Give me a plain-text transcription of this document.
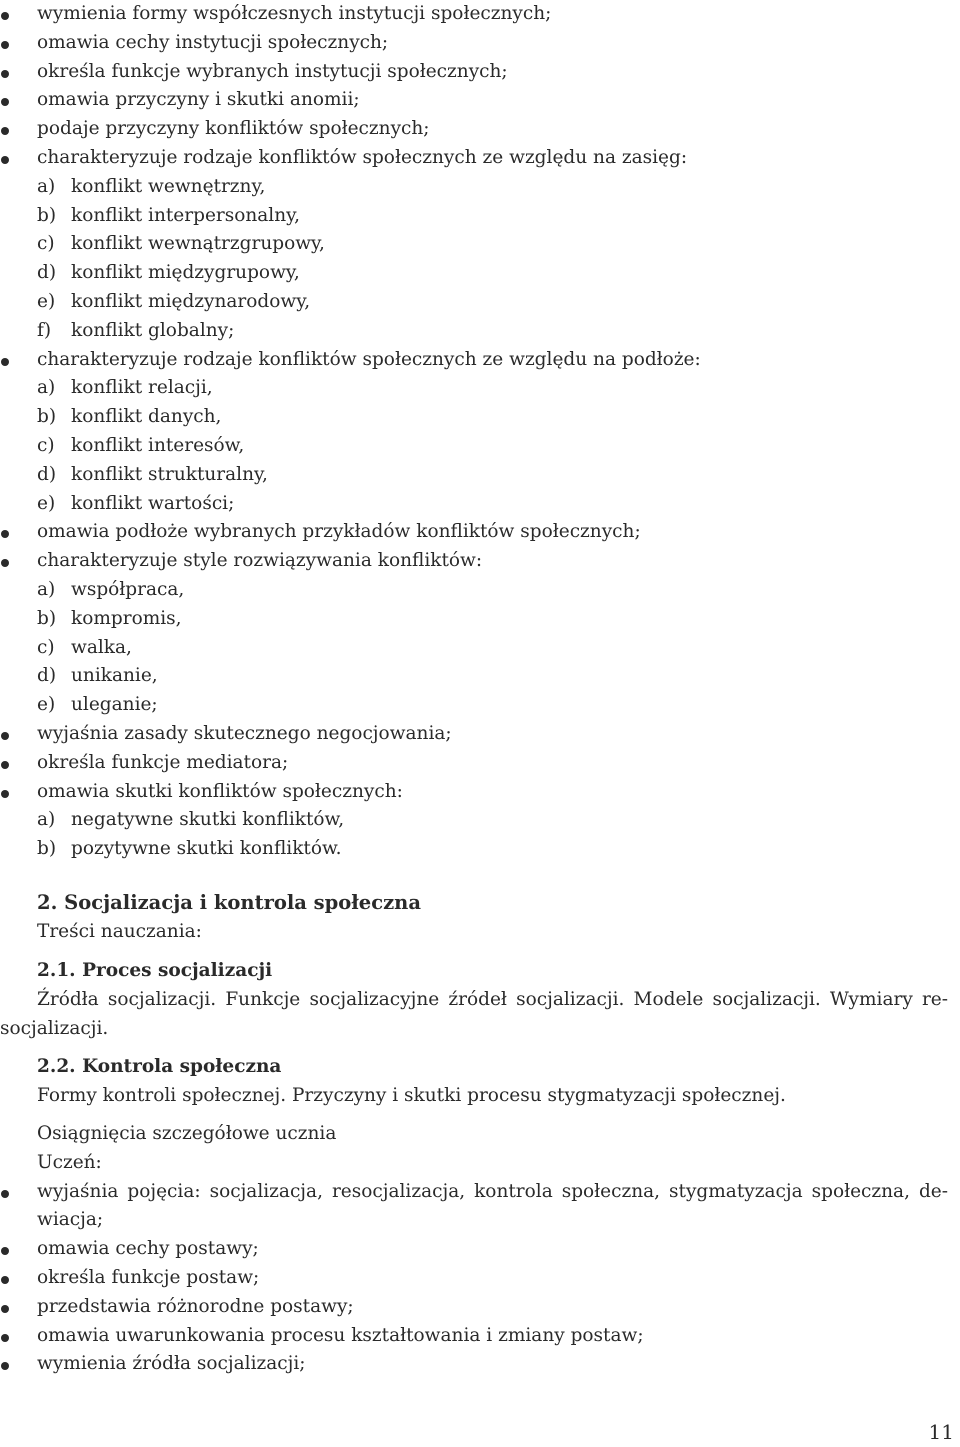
wymienia formy współczesnych instytucji społecznych;
omawia cechy instytucji społecznych;
określa funkcje wybranych instytucji społecznych;
omawia przyczyny i skutki anomii;
podaje przyczyny konfliktów społecznych;
charakteryzuje rodzaje konfliktów społecznych ze względu na zasięg:
a) konflikt wewnętrzny,
b) konflikt interpersonalny,
c) konflikt wewnątrzgrupowy,
d) konflikt międzygrupowy,
e) konflikt międzynarodowy,
f) konflikt globalny;
charakteryzuje rodzaje konfliktów społecznych ze względu na podłoże:
a) konflikt relacji,
b) konflikt danych,
c) konflikt interesów,
d) konflikt strukturalny,
e) konflikt wartości;
omawia podłoże wybranych przykładów konfliktów społecznych;
charakteryzuje style rozwiązywania konfliktów:
a) współpraca,
b) kompromis,
c) walka,
d) unikanie,
e) uleganie;
wyjaśnia zasady skutecznego negocjowania;
określa funkcje mediatora;
omawia skutki konfliktów społecznych:
a) negatywne skutki konfliktów,
b) pozytywne skutki konfliktów.
2. Socjalizacja i kontrola społeczna
Treści nauczania:
2.1. Proces socjalizacji
Źródła socjalizacji. Funkcje socjalizacyjne źródeł socjalizacji. Modele socjalizacji. Wymiary re-
socjalizacji.
2.2. Kontrola społeczna
Formy kontroli społecznej. Przyczyny i skutki procesu stygmatyzacji społecznej.
Osiągnięcia szczegółowe ucznia
Uczeń:
wyjaśnia pojęcia: socjalizacja, resocjalizacja, kontrola społeczna, stygmatyzacja społeczna, de-
wiacja;
omawia cechy postawy;
określa funkcje postaw;
przedstawia różnorodne postawy;
omawia uwarunkowania procesu kształtowania i zmiany postaw;
wymienia źródła socjalizacji;
11
